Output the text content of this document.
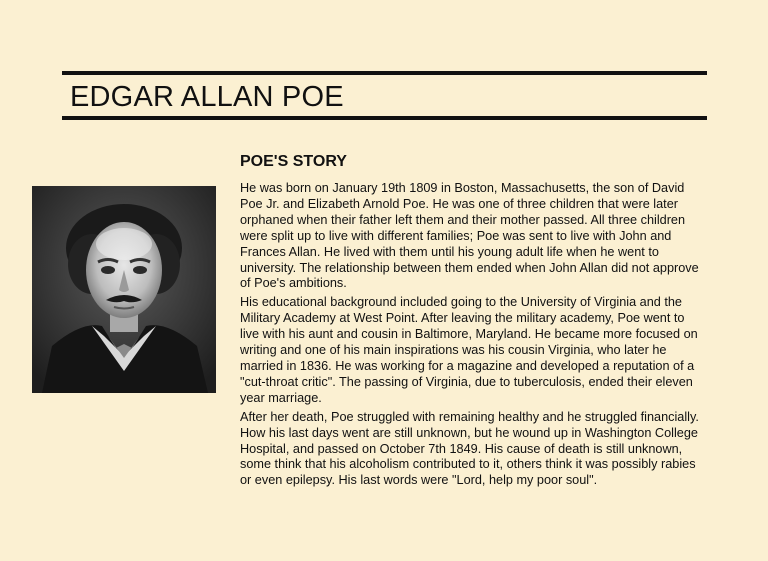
EDGAR ALLAN POE
POE'S STORY

He was born on January 19th 1809 in Boston, Massachusetts, the son of David Poe Jr. and Elizabeth Arnold Poe. He was one of three children that were later orphaned when their father left them and their mother passed. All three children were split up to live with different families; Poe was sent to live with John and Frances Allan. He lived with them until his young adult life when he went to university. The relationship between them ended when John Allan did not approve of Poe's ambitions.

His educational background included going to the University of Virginia and the Military Academy at West Point. After leaving the military academy, Poe went to live with his aunt and cousin in Baltimore, Maryland. He became more focused on writing and one of his main inspirations was his cousin Virginia, who later he married in 1836. He was working for a magazine and developed a reputation of a "cut-throat critic". The passing of Virginia, due to tuberculosis, ended their eleven year marriage.

After her death, Poe struggled with remaining healthy and he struggled financially. How his last days went are still unknown, but he wound up in Washington College Hospital, and passed on October 7th 1849. His cause of death is still unknown, some think that his alcoholism contributed to it, others think it was possibly rabies or even epilepsy. His last words were "Lord, help my poor soul".
